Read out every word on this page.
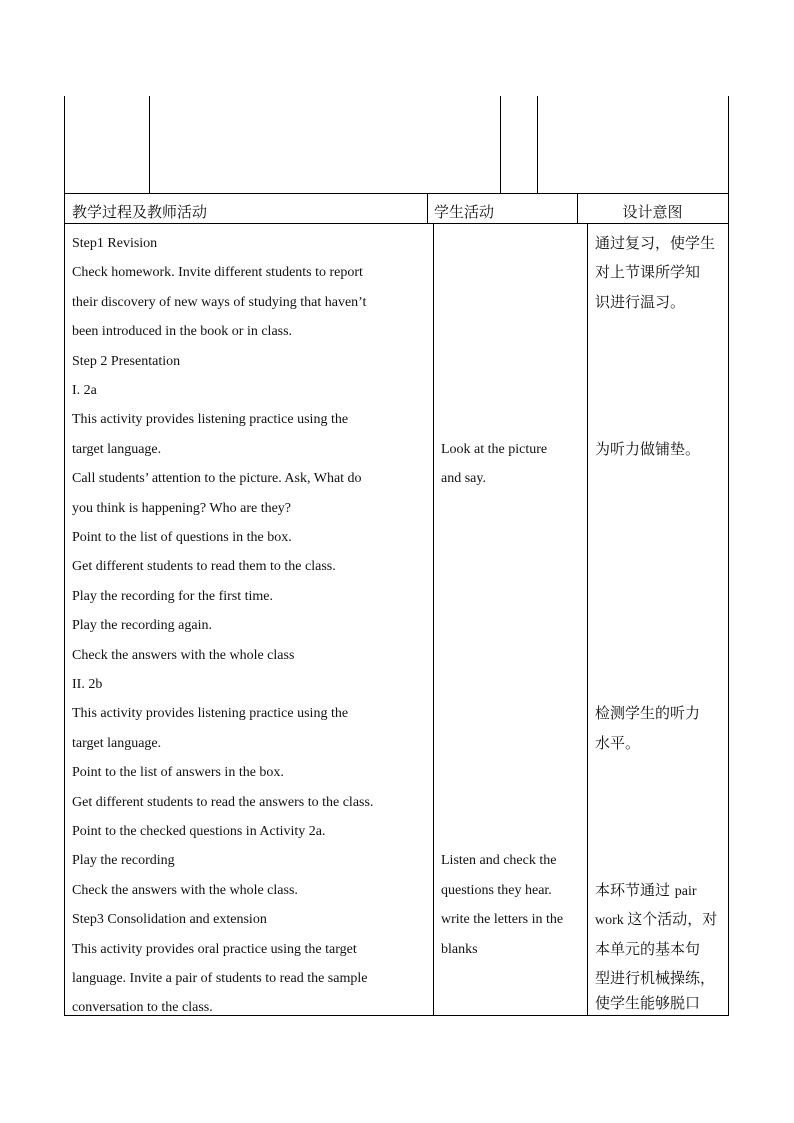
教学过程及教师活动	学生活动	设计意图
Step1 Revision
Check homework. Invite different students to report
their discovery of new ways of studying that haven’t
been introduced in the book or in class.
Step 2 Presentation
I. 2a
This activity provides listening practice using the
target language.
Call students’ attention to the picture. Ask, What do
you think is happening? Who are they?
Point to the list of questions in the box.
Get different students to read them to the class.
Play the recording for the first time.
Play the recording again.
Check the answers with the whole class
II. 2b
This activity provides listening practice using the
target language.
Point to the list of answers in the box.
Get different students to read the answers to the class.
Point to the checked questions in Activity 2a.
Play the recording
Check the answers with the whole class.
Step3 Consolidation and extension
This activity provides oral practice using the target
language. Invite a pair of students to read the sample
conversation to the class.
Look at the picture
and say.
Listen and check the
questions they hear.
write the letters in the
blanks
通过复习，使学生
对上节课所学知
识进行温习。
为听力做铺垫。
检测学生的听力
水平。
本环节通过 pair
work 这个活动，对
本单元的基本句
型进行机械操练，
使学生能够脱口
